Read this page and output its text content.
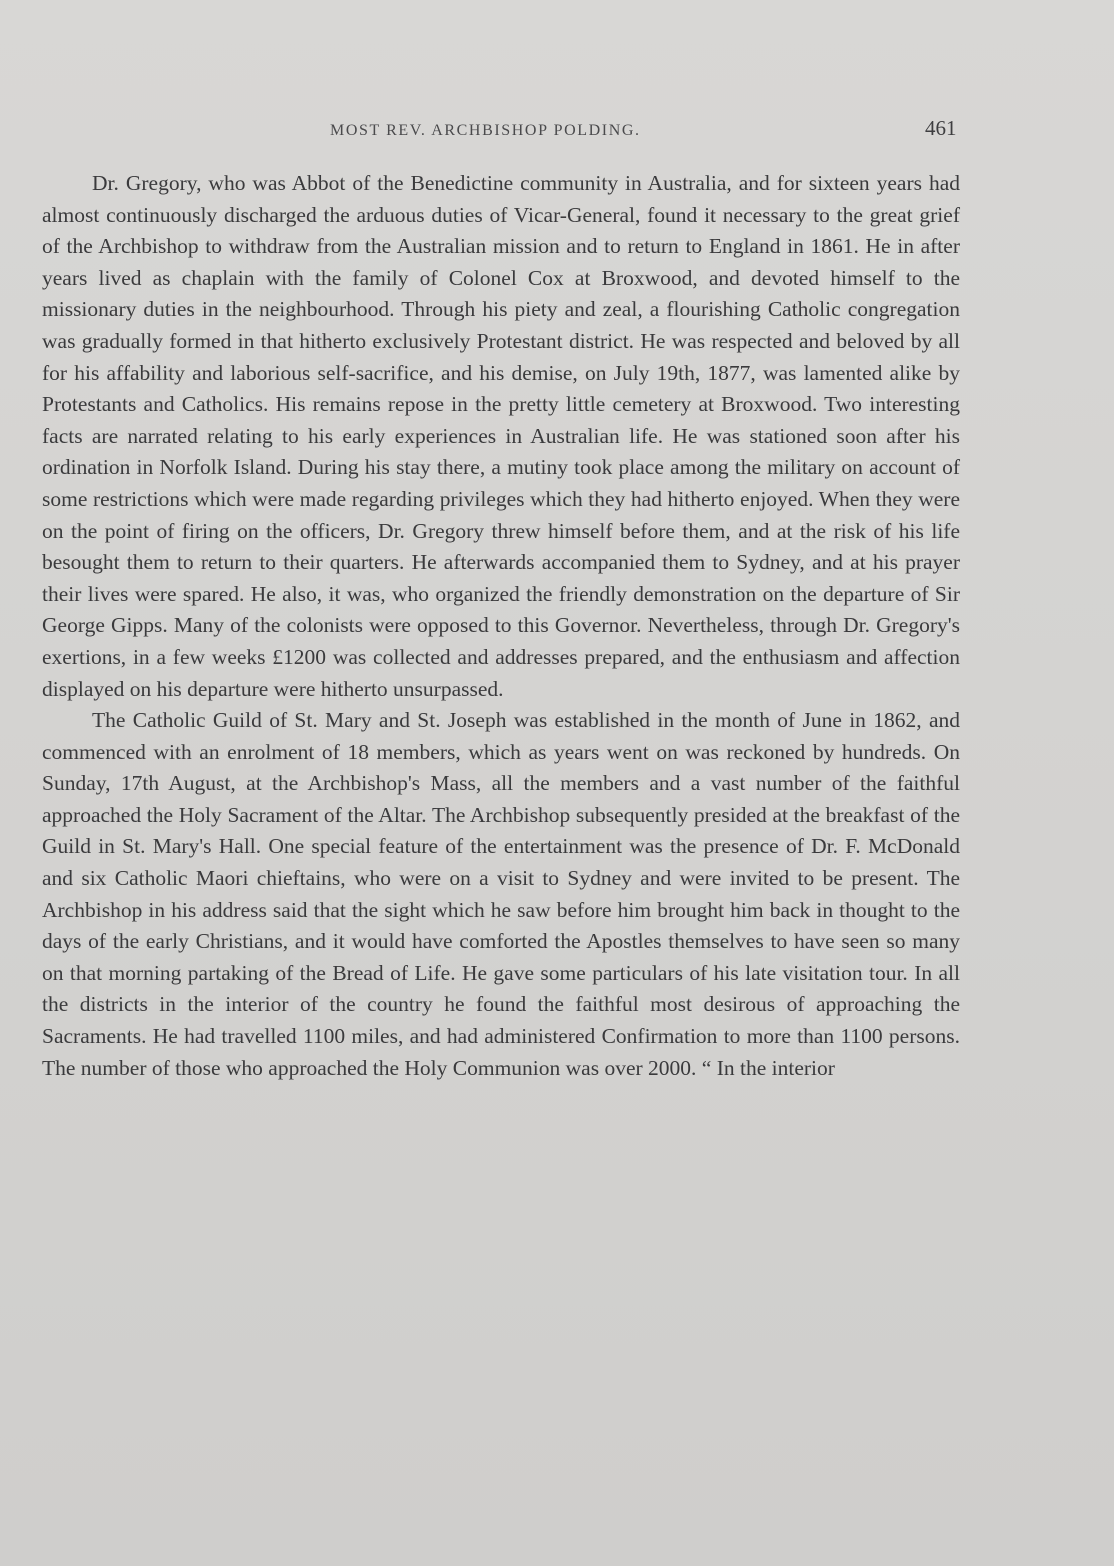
MOST REV. ARCHBISHOP POLDING.	461

Dr. Gregory, who was Abbot of the Benedictine community in Australia, and for sixteen years had almost continuously discharged the arduous duties of Vicar-General, found it necessary to the great grief of the Archbishop to withdraw from the Australian mission and to return to England in 1861. He in after years lived as chaplain with the family of Colonel Cox at Broxwood, and devoted himself to the missionary duties in the neighbourhood. Through his piety and zeal, a flourishing Catholic congregation was gradually formed in that hitherto exclusively Protestant district. He was respected and beloved by all for his affability and laborious self-sacrifice, and his demise, on July 19th, 1877, was lamented alike by Protestants and Catholics. His remains repose in the pretty little cemetery at Broxwood. Two interesting facts are narrated relating to his early experiences in Australian life. He was stationed soon after his ordination in Norfolk Island. During his stay there, a mutiny took place among the military on account of some restrictions which were made regarding privileges which they had hitherto enjoyed. When they were on the point of firing on the officers, Dr. Gregory threw himself before them, and at the risk of his life besought them to return to their quarters. He afterwards accompanied them to Sydney, and at his prayer their lives were spared. He also, it was, who organized the friendly demonstration on the departure of Sir George Gipps. Many of the colonists were opposed to this Governor. Nevertheless, through Dr. Gregory's exertions, in a few weeks £1200 was collected and addresses prepared, and the enthusiasm and affection displayed on his departure were hitherto unsurpassed.

The Catholic Guild of St. Mary and St. Joseph was established in the month of June in 1862, and commenced with an enrolment of 18 members, which as years went on was reckoned by hundreds. On Sunday, 17th August, at the Archbishop's Mass, all the members and a vast number of the faithful approached the Holy Sacrament of the Altar. The Archbishop subsequently presided at the breakfast of the Guild in St. Mary's Hall. One special feature of the entertainment was the presence of Dr. F. McDonald and six Catholic Maori chieftains, who were on a visit to Sydney and were invited to be present. The Archbishop in his address said that the sight which he saw before him brought him back in thought to the days of the early Christians, and it would have comforted the Apostles themselves to have seen so many on that morning partaking of the Bread of Life. He gave some particulars of his late visitation tour. In all the districts in the interior of the country he found the faithful most desirous of approaching the Sacraments. He had travelled 1100 miles, and had administered Confirmation to more than 1100 persons. The number of those who approached the Holy Communion was over 2000. “ In the interior
